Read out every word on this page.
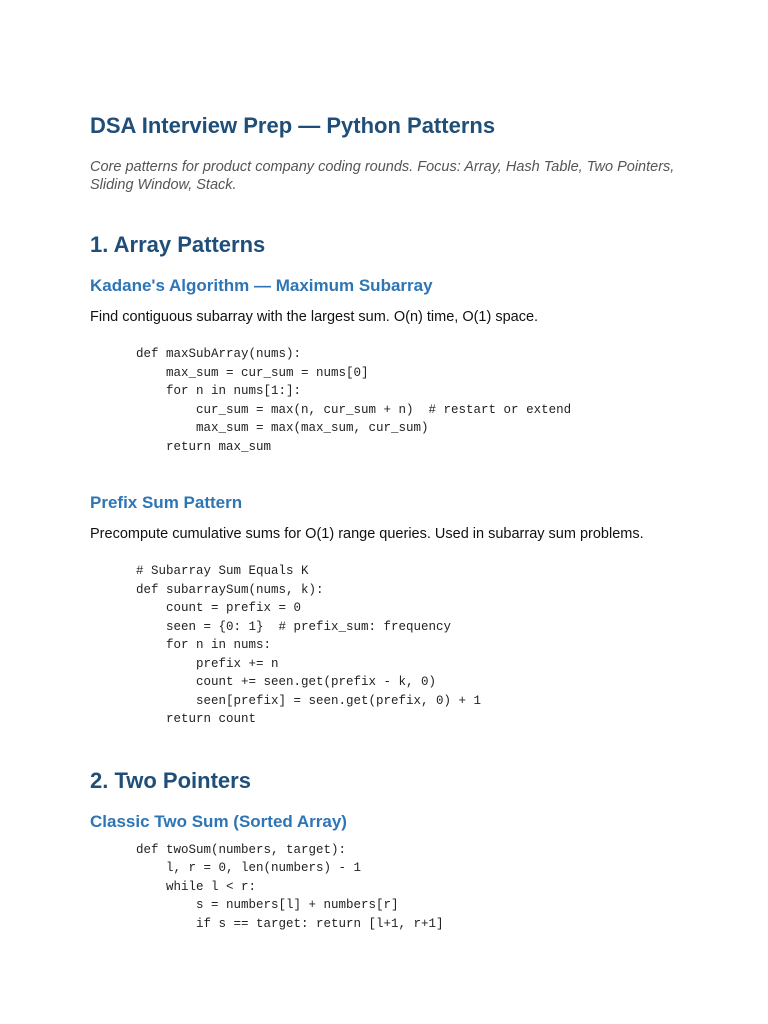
DSA Interview Prep — Python Patterns

Core patterns for product company coding rounds. Focus: Array, Hash Table, Two Pointers, Sliding Window, Stack.

1. Array Patterns
Kadane's Algorithm — Maximum Subarray

Find contiguous subarray with the largest sum. O(n) time, O(1) space.

def maxSubArray(nums):
max_sum = cur_sum = nums[0]
for n in nums[1:]:
cur_sum = max(n, cur_sum + n)  # restart or extend
max_sum = max(max_sum, cur_sum)
return max_sum
Prefix Sum Pattern

Precompute cumulative sums for O(1) range queries. Used in subarray sum problems.

# Subarray Sum Equals K
def subarraySum(nums, k):
count = prefix = 0
seen = {0: 1}  # prefix_sum: frequency
for n in nums:
prefix += n
count += seen.get(prefix - k, 0)
seen[prefix] = seen.get(prefix, 0) + 1
return count
2. Two Pointers
Classic Two Sum (Sorted Array)
def twoSum(numbers, target):
l, r = 0, len(numbers) - 1
while l < r:
s = numbers[l] + numbers[r]
if s == target: return [l+1, r+1]
